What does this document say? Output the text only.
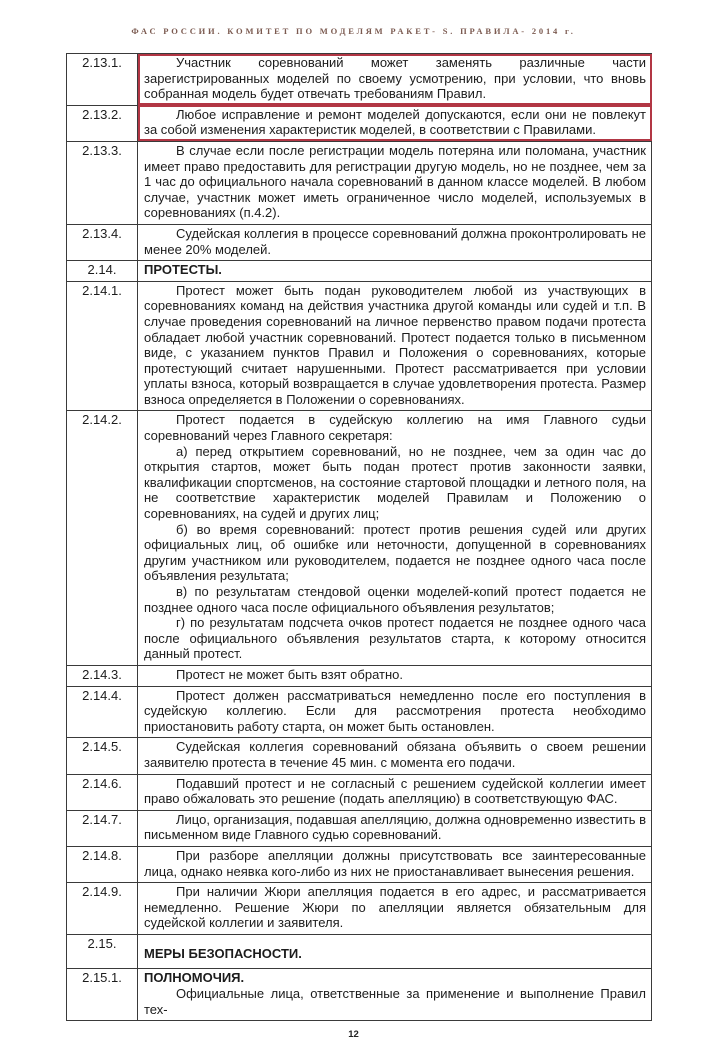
ФАС РОССИИ. КОМИТЕТ ПО МОДЕЛЯМ РАКЕТ- S. ПРАВИЛА- 2014 г.
2.13.1.	Участник соревнований может заменять различные части зарегистрированных моделей по своему усмотрению, при условии, что вновь собранная модель будет отвечать требованиям Правил.

2.13.2.	Любое исправление и ремонт моделей допускаются, если они не повлекут за собой изменения характеристик моделей, в соответствии с Правилами.

2.13.3.	В случае если после регистрации модель потеряна или поломана, участник имеет право предоставить для регистрации другую модель, но не позднее, чем за 1 час до официального начала соревнований в данном классе моделей. В любом случае, участник может иметь ограниченное число моделей, используемых в соревнованиях (п.4.2).

2.13.4.	Судейская коллегия в процессе соревнований должна проконтролировать не менее 20% моделей.

2.14.	ПРОТЕСТЫ.

2.14.1.	Протест может быть подан руководителем любой из участвующих в соревнованиях команд на действия участника другой команды или судей и т.п. В случае проведения соревнований на личное первенство правом подачи протеста обладает любой участник соревнований. Протест подается только в письменном виде, с указанием пунктов Правил и Положения о соревнованиях, которые протестующий считает нарушенными. Протест рассматривается при условии уплаты взноса, который возвращается в случае удовлетворения протеста. Размер взноса определяется в Положении о соревнованиях.

2.14.2.	Протест подается в судейскую коллегию на имя Главного судьи соревнований через Главного секретаря:

а) перед открытием соревнований, но не позднее, чем за один час до открытия стартов, может быть подан протест против законности заявки, квалификации спортсменов, на состояние стартовой площадки и летного поля, на не соответствие характеристик моделей Правилам и Положению о соревнованиях, на судей и других лиц;

б) во время соревнований: протест против решения судей или других официальных лиц, об ошибке или неточности, допущенной в соревнованиях другим участником или руководителем, подается не позднее одного часа после объявления результата;

в) по результатам стендовой оценки моделей-копий протест подается не позднее одного часа после официального объявления результатов;

г) по результатам подсчета очков протест подается не позднее одного часа после официального объявления результатов старта, к которому относится данный протест.

2.14.3.	Протест не может быть взят обратно.

2.14.4.	Протест должен рассматриваться немедленно после его поступления в судейскую коллегию. Если для рассмотрения протеста необходимо приостановить работу старта, он может быть остановлен.

2.14.5.	Судейская коллегия соревнований обязана объявить о своем решении заявителю протеста в течение 45 мин. с момента его подачи.

2.14.6.	Подавший протест и не согласный с решением судейской коллегии имеет право обжаловать это решение (подать апелляцию) в соответствующую ФАС.

2.14.7.	Лицо, организация, подавшая апелляцию, должна одновременно известить в письменном виде Главного судью соревнований.

2.14.8.	При разборе апелляции должны присутствовать все заинтересованные лица, однако неявка кого-либо из них не приостанавливает вынесения решения.

2.14.9.	При наличии Жюри апелляция подается в его адрес, и рассматривается немедленно. Решение Жюри по апелляции является обязательным для судейской коллегии и заявителя.

2.15.	МЕРЫ БЕЗОПАСНОСТИ.

2.15.1.	ПОЛНОМОЧИЯ.

Официальные лица, ответственные за применение и выполнение Правил тех-

12
